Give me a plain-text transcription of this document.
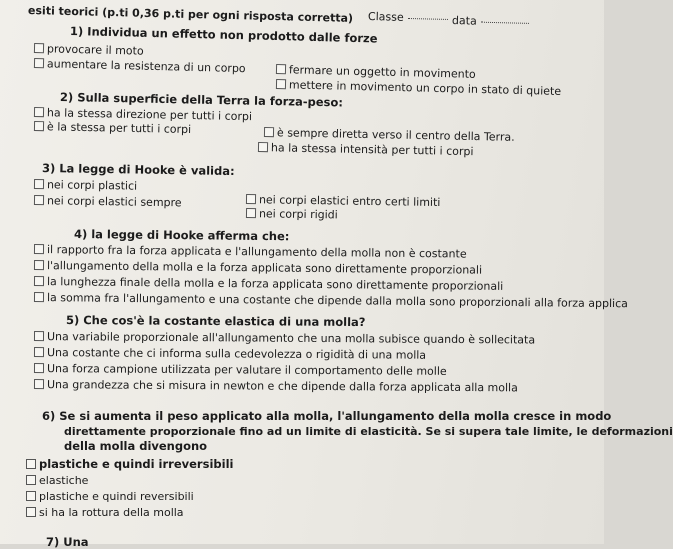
esiti teorici (p.ti 0,36 p.ti per ogni risposta corretta) Classe	data
1) Individua un effetto non prodotto dalle forze
provocare il moto
fermare un oggetto in movimento
aumentare la resistenza di un corpo
mettere in movimento un corpo in stato di quiete
2) Sulla superficie della Terra la forza-peso:
ha la stessa direzione per tutti i corpi
è sempre diretta verso il centro della Terra.
è la stessa per tutti i corpi
ha la stessa intensità per tutti i corpi
3) La legge di Hooke è valida:
nei corpi plastici
nei corpi elastici entro certi limiti
nei corpi elastici sempre
nei corpi rigidi
4) la legge di Hooke afferma che:
il rapporto fra la forza applicata e l'allungamento della molla non è costante
l'allungamento della molla e la forza applicata sono direttamente proporzionali
la lunghezza finale della molla e la forza applicata sono direttamente proporzionali
la somma fra l'allungamento e una costante che dipende dalla molla sono proporzionali alla forza applica
5) Che cos'è la costante elastica di una molla?
Una variabile proporzionale all'allungamento che una molla subisce quando è sollecitata
Una costante che ci informa sulla cedevolezza o rigidità di una molla
Una forza campione utilizzata per valutare il comportamento delle molle
Una grandezza che si misura in newton e che dipende dalla forza applicata alla molla
6) Se si aumenta il peso applicato alla molla, l'allungamento della molla cresce in modo
direttamente proporzionale fino ad un limite di elasticità. Se si supera tale limite, le deformazioni
della molla divengono
plastiche e quindi irreversibili
elastiche
plastiche e quindi reversibili
si ha la rottura della molla
7) Una
